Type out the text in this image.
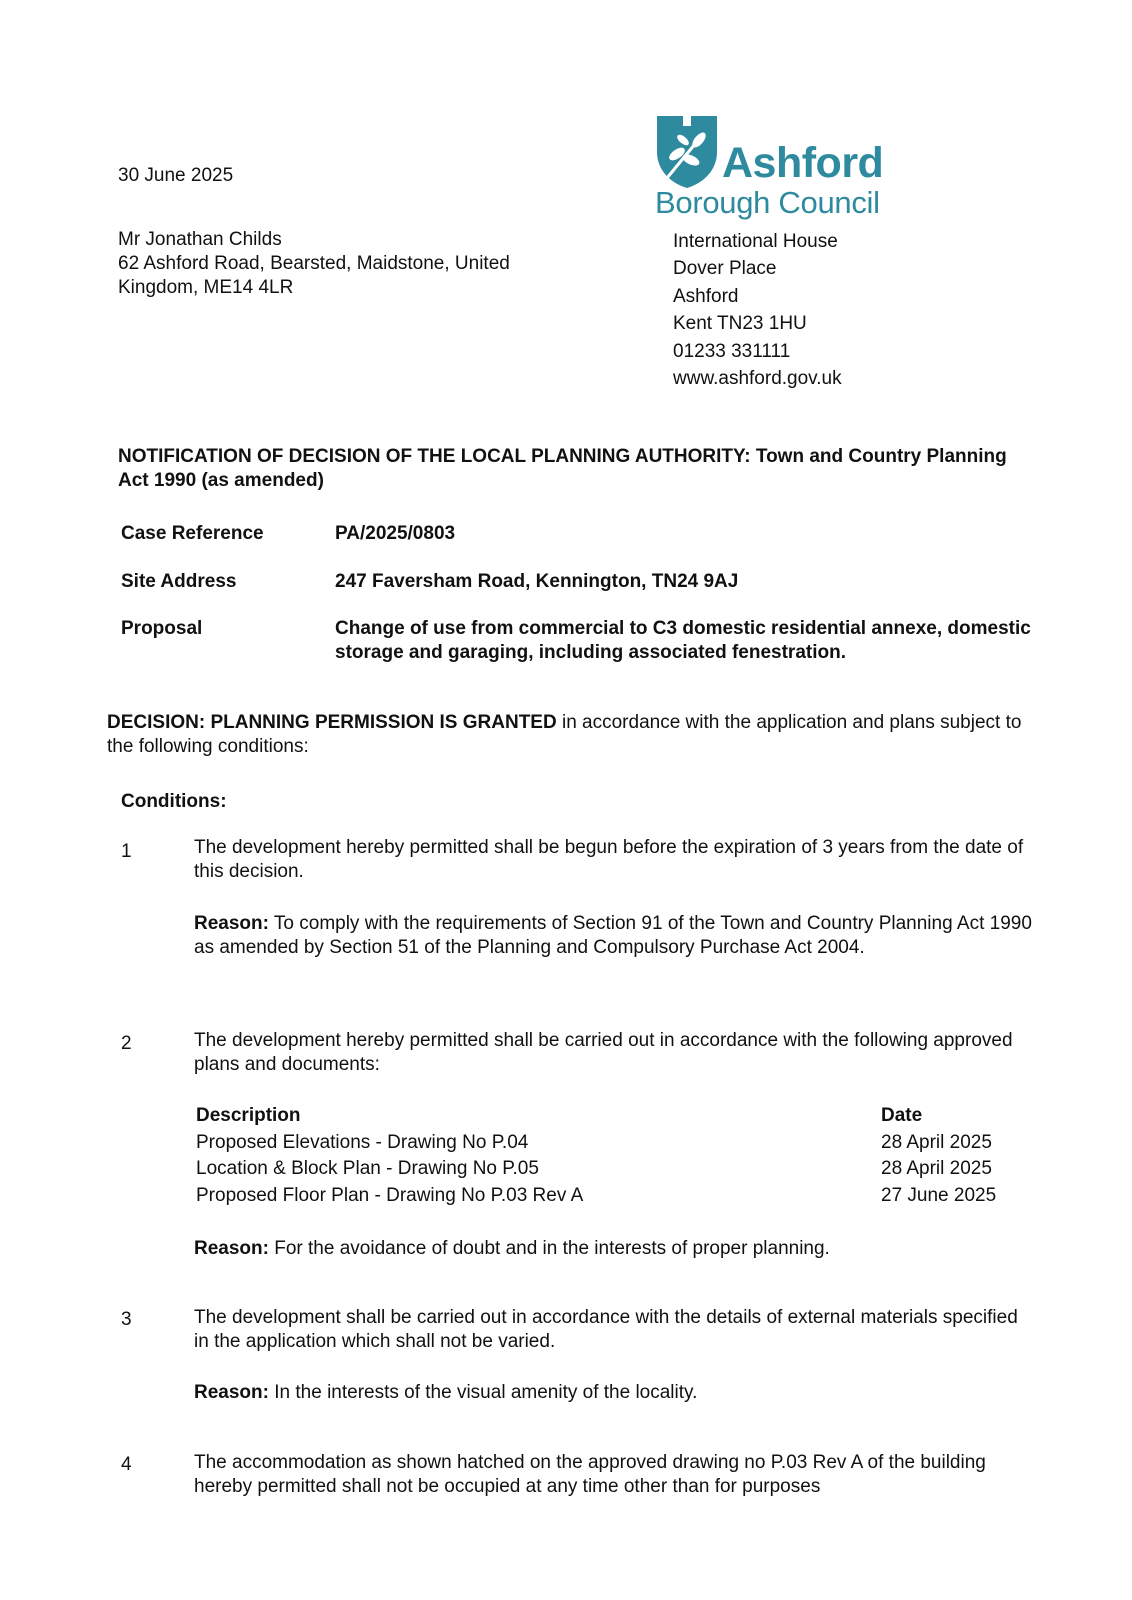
30 June 2025
Mr Jonathan Childs
62 Ashford Road, Bearsted, Maidstone, United
Kingdom, ME14 4LR
Ashford
Borough Council
International House
Dover Place
Ashford
Kent TN23 1HU
01233 331111
www.ashford.gov.uk
NOTIFICATION OF DECISION OF THE LOCAL PLANNING AUTHORITY: Town and Country Planning Act 1990 (as amended)
Case Reference	PA/2025/0803
Site Address	247 Faversham Road, Kennington, TN24 9AJ
Proposal	Change of use from commercial to C3 domestic residential annexe, domestic storage and garaging, including associated fenestration.
DECISION: PLANNING PERMISSION IS GRANTED in accordance with the application and plans subject to the following conditions:
Conditions:
1	The development hereby permitted shall be begun before the expiration of 3 years from the date of this decision.
Reason: To comply with the requirements of Section 91 of the Town and Country Planning Act 1990 as amended by Section 51 of the Planning and Compulsory Purchase Act 2004.
2	The development hereby permitted shall be carried out in accordance with the following approved plans and documents:
Description	Date
Proposed Elevations - Drawing No P.04	28 April 2025
Location & Block Plan - Drawing No P.05	28 April 2025
Proposed Floor Plan - Drawing No P.03 Rev A	27 June 2025
Reason: For the avoidance of doubt and in the interests of proper planning.
3	The development shall be carried out in accordance with the details of external materials specified in the application which shall not be varied.
Reason: In the interests of the visual amenity of the locality.
4	The accommodation as shown hatched on the approved drawing no P.03 Rev A of the building hereby permitted shall not be occupied at any time other than for purposes
